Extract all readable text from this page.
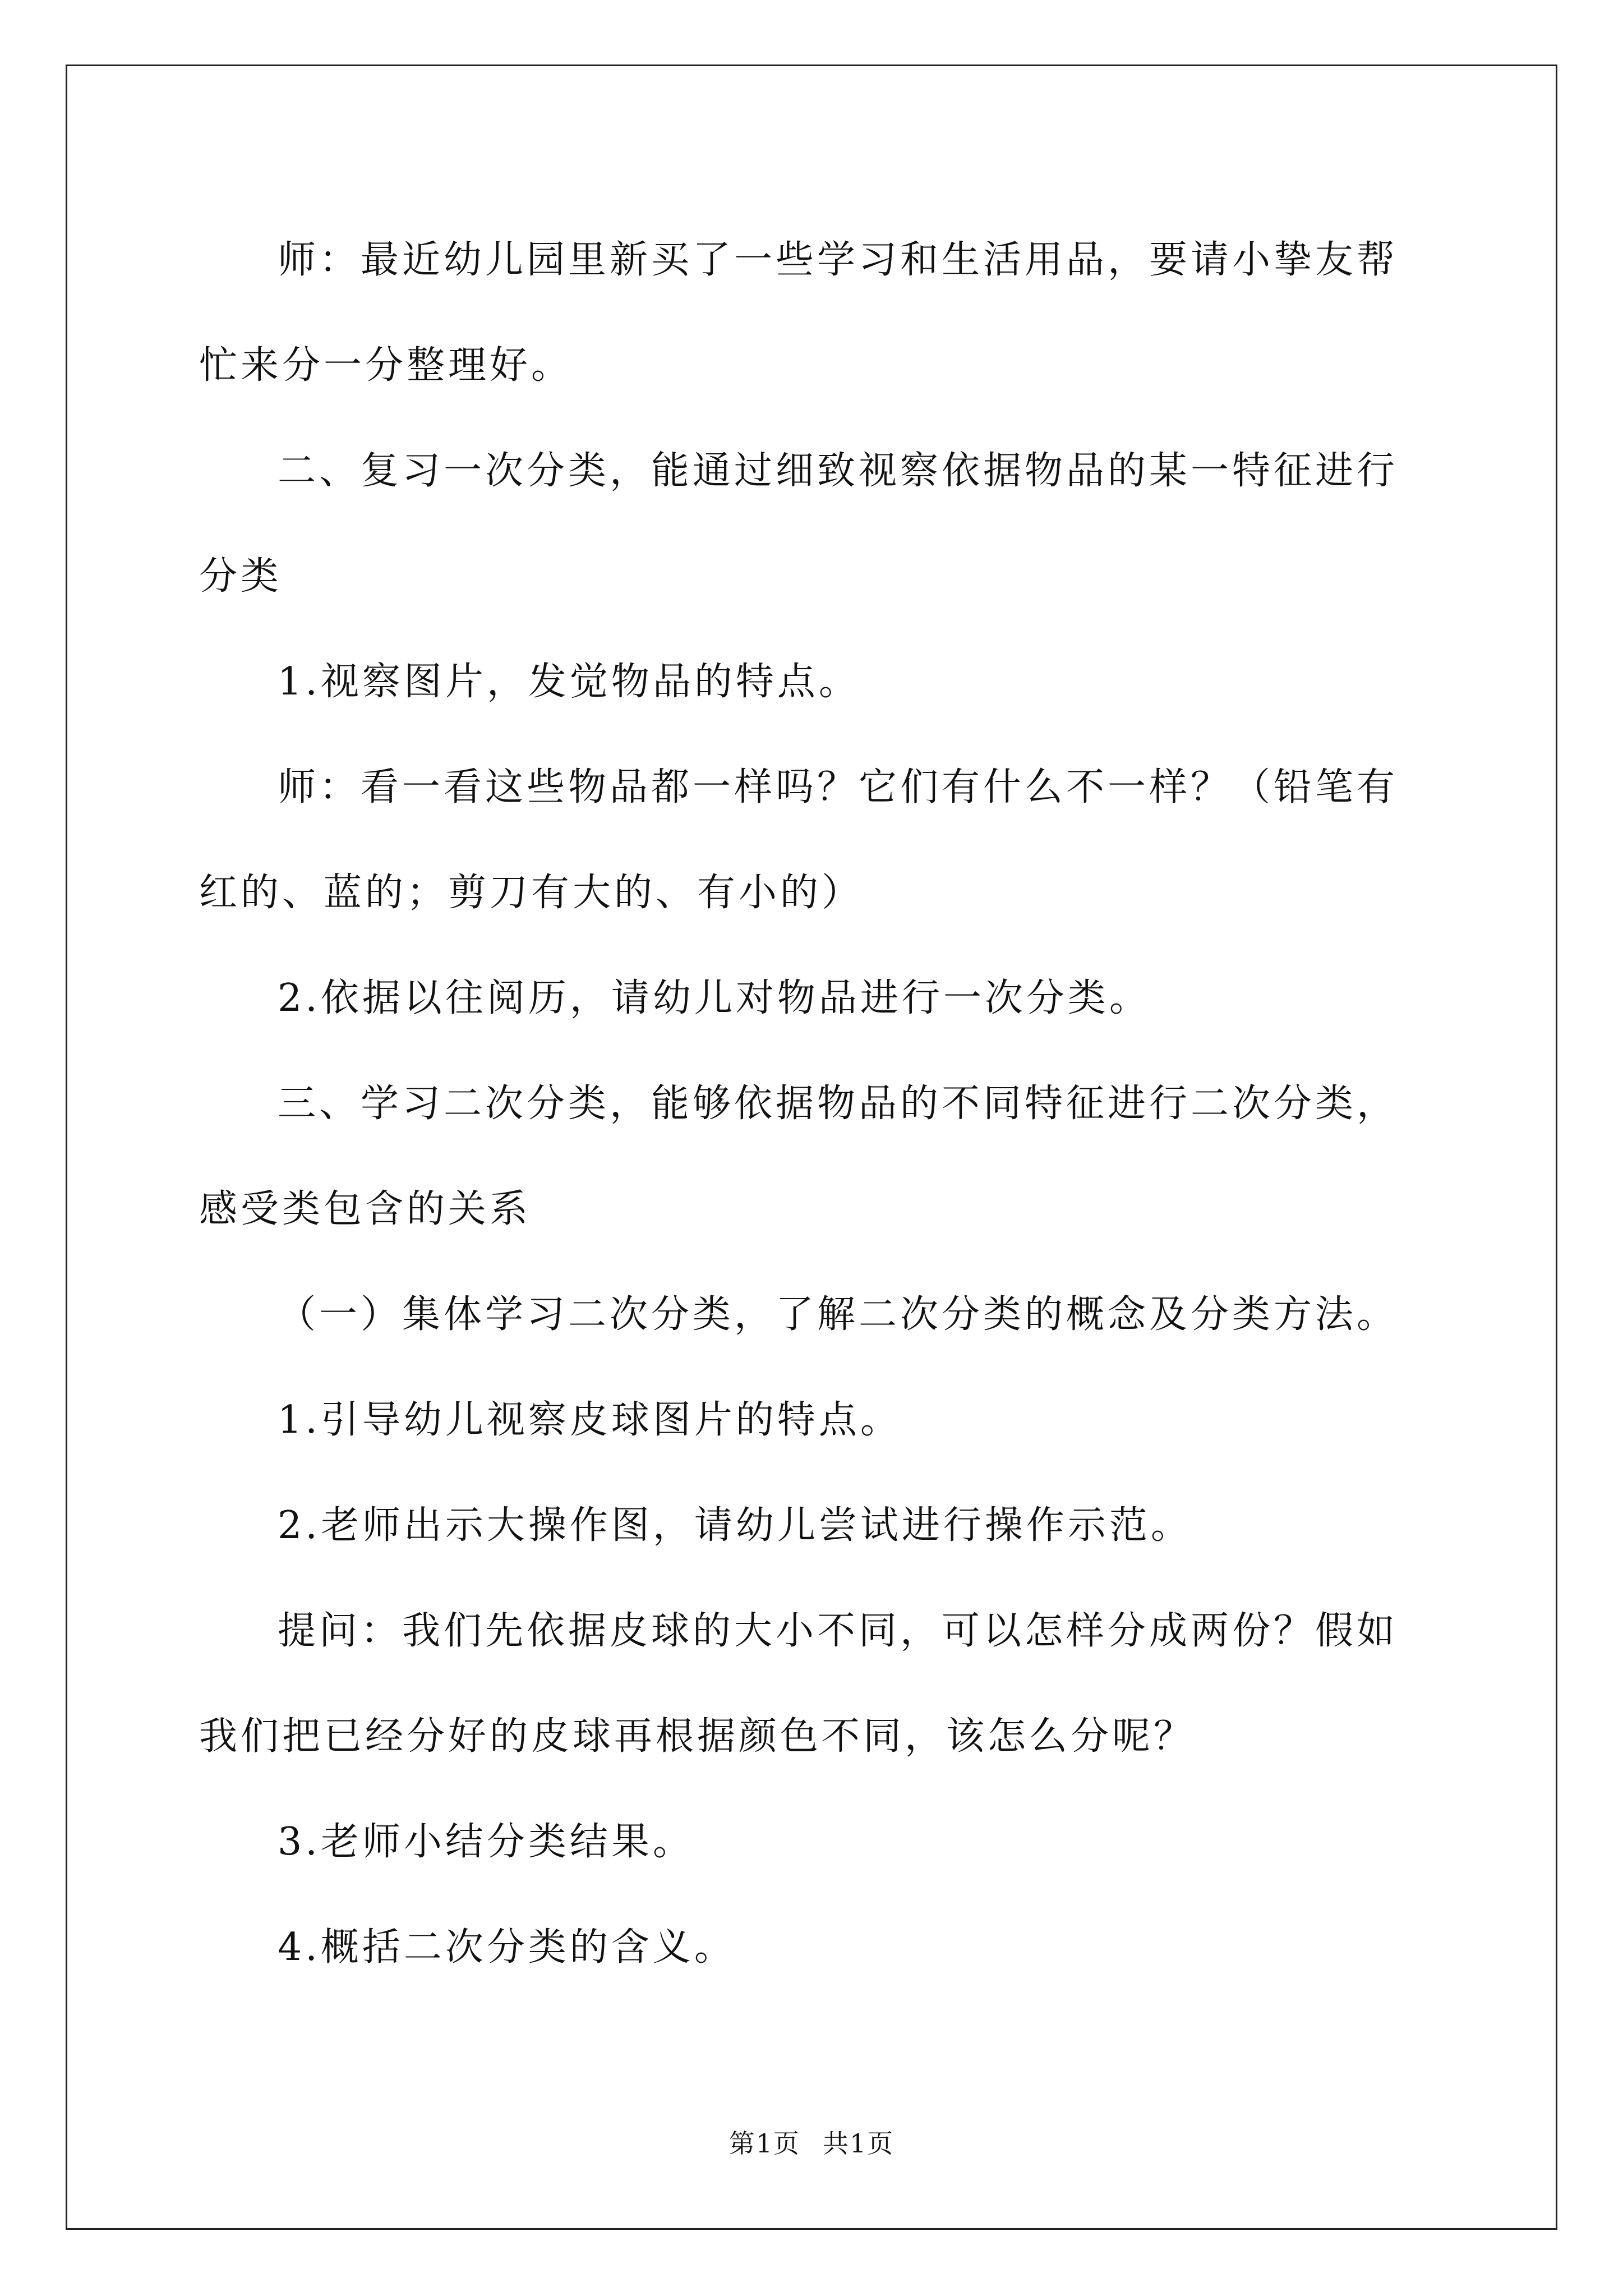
师：最近幼儿园里新买了一些学习和生活用品，要请小挚友帮忙来分一分整理好。

二、复习一次分类，能通过细致视察依据物品的某一特征进行分类

1.视察图片，发觉物品的特点。

师：看一看这些物品都一样吗？它们有什么不一样？（铅笔有红的、蓝的；剪刀有大的、有小的）

2.依据以往阅历，请幼儿对物品进行一次分类。

三、学习二次分类，能够依据物品的不同特征进行二次分类，感受类包含的关系

（一）集体学习二次分类，了解二次分类的概念及分类方法。

1.引导幼儿视察皮球图片的特点。

2.老师出示大操作图，请幼儿尝试进行操作示范。

提问：我们先依据皮球的大小不同，可以怎样分成两份？假如我们把已经分好的皮球再根据颜色不同，该怎么分呢？

3.老师小结分类结果。

4.概括二次分类的含义。

第1页 共1页
